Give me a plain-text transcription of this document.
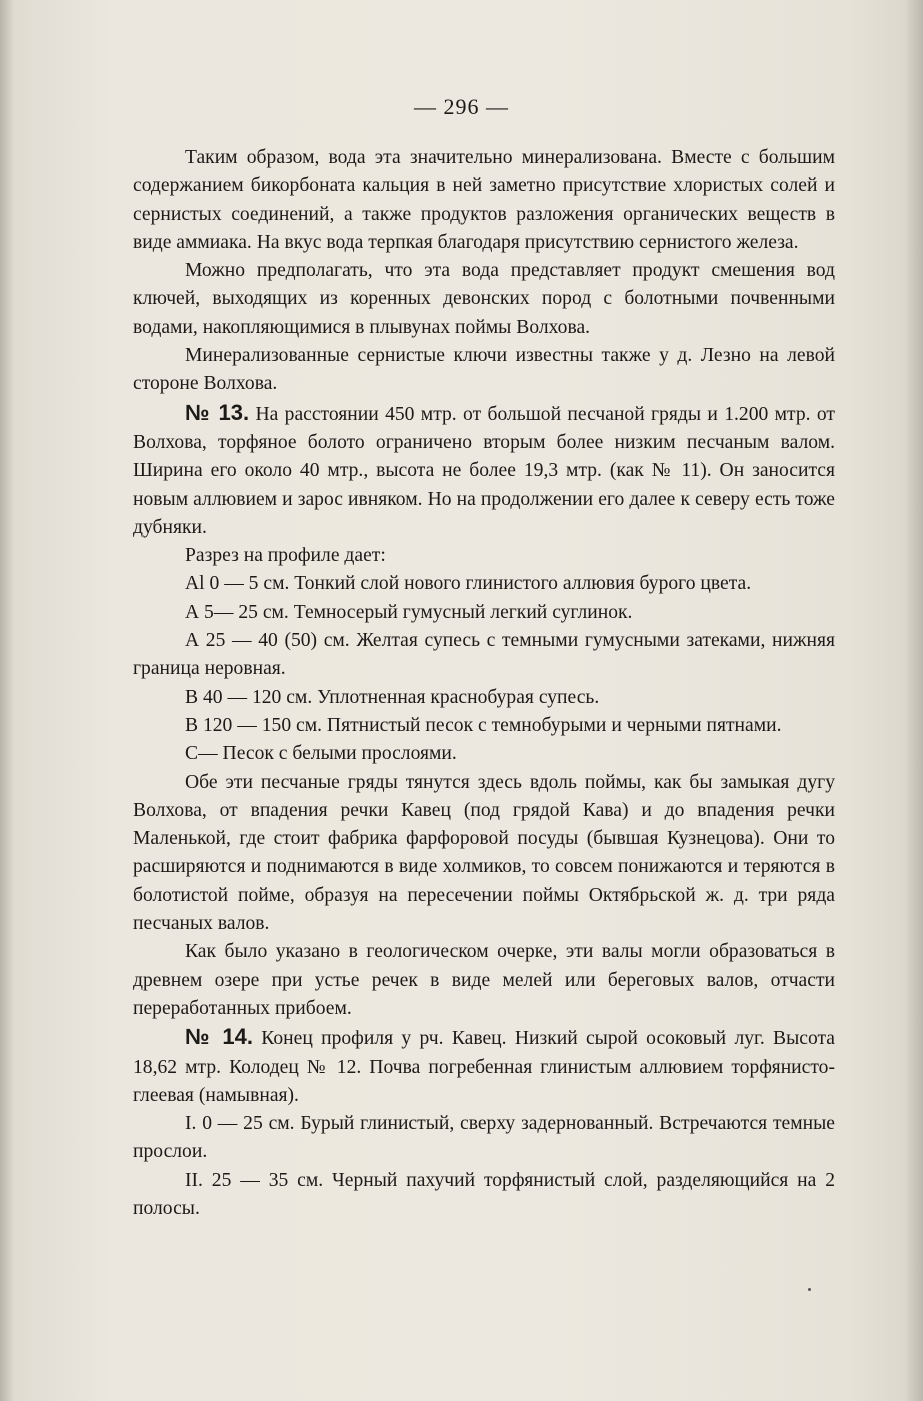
— 296 —

Таким образом, вода эта значительно минерализована. Вместе с большим содержанием бикорбоната кальция в ней заметно присутствие хлористых солей и сернистых соединений, а также продуктов разложения органических веществ в виде аммиака. На вкус вода терпкая благодаря присутствию сернистого железа.

Можно предполагать, что эта вода представляет продукт смешения вод ключей, выходящих из коренных девонских пород с болотными почвенными водами, накопляющимися в плывунах поймы Волхова.

Минерализованные сернистые ключи известны также у д. Лезно на левой стороне Волхова.

№ 13. На расстоянии 450 мтр. от большой песчаной гряды и 1.200 мтр. от Волхова, торфяное болото ограничено вторым более низким песчаным валом. Ширина его около 40 мтр., высота не более 19,3 мтр. (как № 11). Он заносится новым аллювием и зарос ивняком. Но на продолжении его далее к северу есть тоже дубняки.

Разрез на профиле дает:

Al 0 — 5 см. Тонкий слой нового глинистого аллювия бурого цвета.

А 5— 25 см. Темносерый гумусный легкий суглинок.

А 25 — 40 (50) см. Желтая супесь с темными гумусными затеками, нижняя граница неровная.

В 40 — 120 см. Уплотненная краснобурая супесь.

В 120 — 150 см. Пятнистый песок с темнобурыми и черными пятнами.

С— Песок с белыми прослоями.

Обе эти песчаные гряды тянутся здесь вдоль поймы, как бы замыкая дугу Волхова, от впадения речки Кавец (под грядой Кава) и до впадения речки Маленькой, где стоит фабрика фарфоровой посуды (бывшая Кузнецова). Они то расширяются и поднимаются в виде холмиков, то совсем понижаются и теряются в болотистой пойме, образуя на пересечении поймы Октябрьской ж. д. три ряда песчаных валов.

Как было указано в геологическом очерке, эти валы могли образоваться в древнем озере при устье речек в виде мелей или береговых валов, отчасти переработанных прибоем.

№ 14. Конец профиля у рч. Кавец. Низкий сырой осоковый луг. Высота 18,62 мтр. Колодец № 12. Почва погребенная глинистым аллювием торфянисто-глеевая (намывная).

I. 0 — 25 см. Бурый глинистый, сверху задернованный. Встречаются темные прослои.

II. 25 — 35 см. Черный пахучий торфянистый слой, разделяющийся на 2 полосы.
